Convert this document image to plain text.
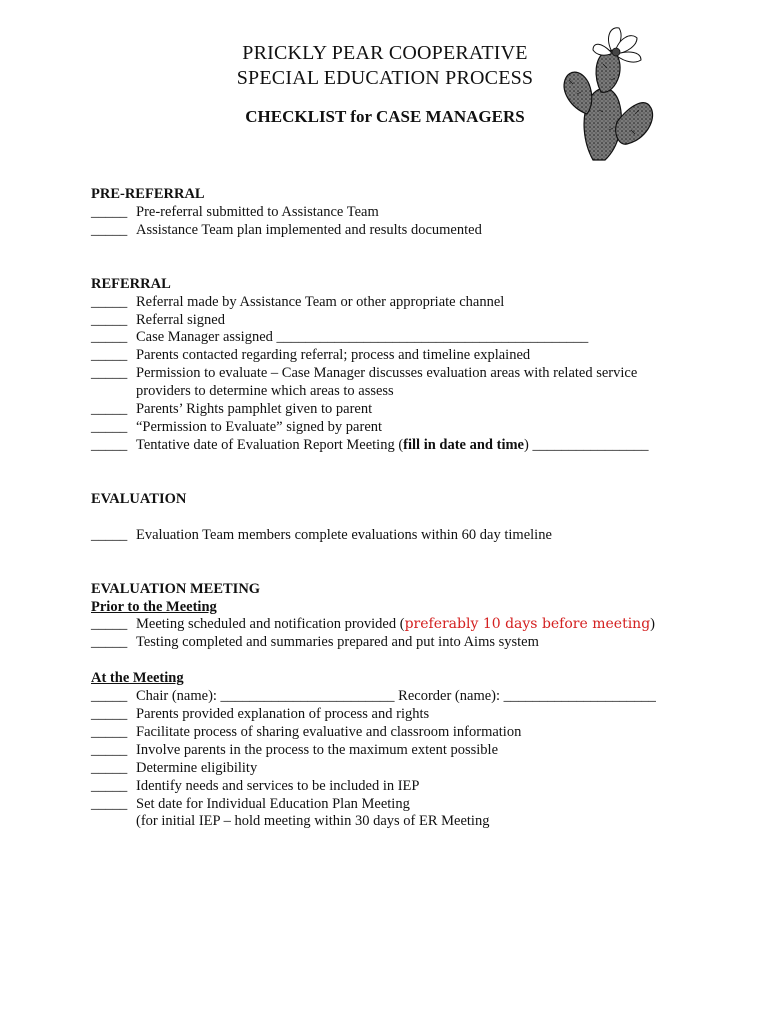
PRICKLY PEAR COOPERATIVE
SPECIAL EDUCATION PROCESS
CHECKLIST for CASE MANAGERS
PRE-REFERRAL
_____ Pre-referral submitted to Assistance Team
_____ Assistance Team plan implemented and results documented
REFERRAL
_____ Referral made by Assistance Team or other appropriate channel
_____ Referral signed
_____ Case Manager assigned ___________________________________________
_____ Parents contacted regarding referral; process and timeline explained
_____ Permission to evaluate – Case Manager discusses evaluation areas with related service
providers to determine which areas to assess
_____ Parents’ Rights pamphlet given to parent
_____ “Permission to Evaluate” signed by parent
_____ Tentative date of Evaluation Report Meeting (fill in date and time) ________________
EVALUATION
_____ Evaluation Team members complete evaluations within 60 day timeline
EVALUATION MEETING
Prior to the Meeting
_____ Meeting scheduled and notification provided (preferably 10 days before meeting)
_____ Testing completed and summaries prepared and put into Aims system
At the Meeting
_____ Chair (name): ________________________ Recorder (name): _____________________
_____ Parents provided explanation of process and rights
_____ Facilitate process of sharing evaluative and classroom information
_____ Involve parents in the process to the maximum extent possible
_____ Determine eligibility
_____ Identify needs and services to be included in IEP
_____ Set date for Individual Education Plan Meeting
(for initial IEP – hold meeting within 30 days of ER Meeting
